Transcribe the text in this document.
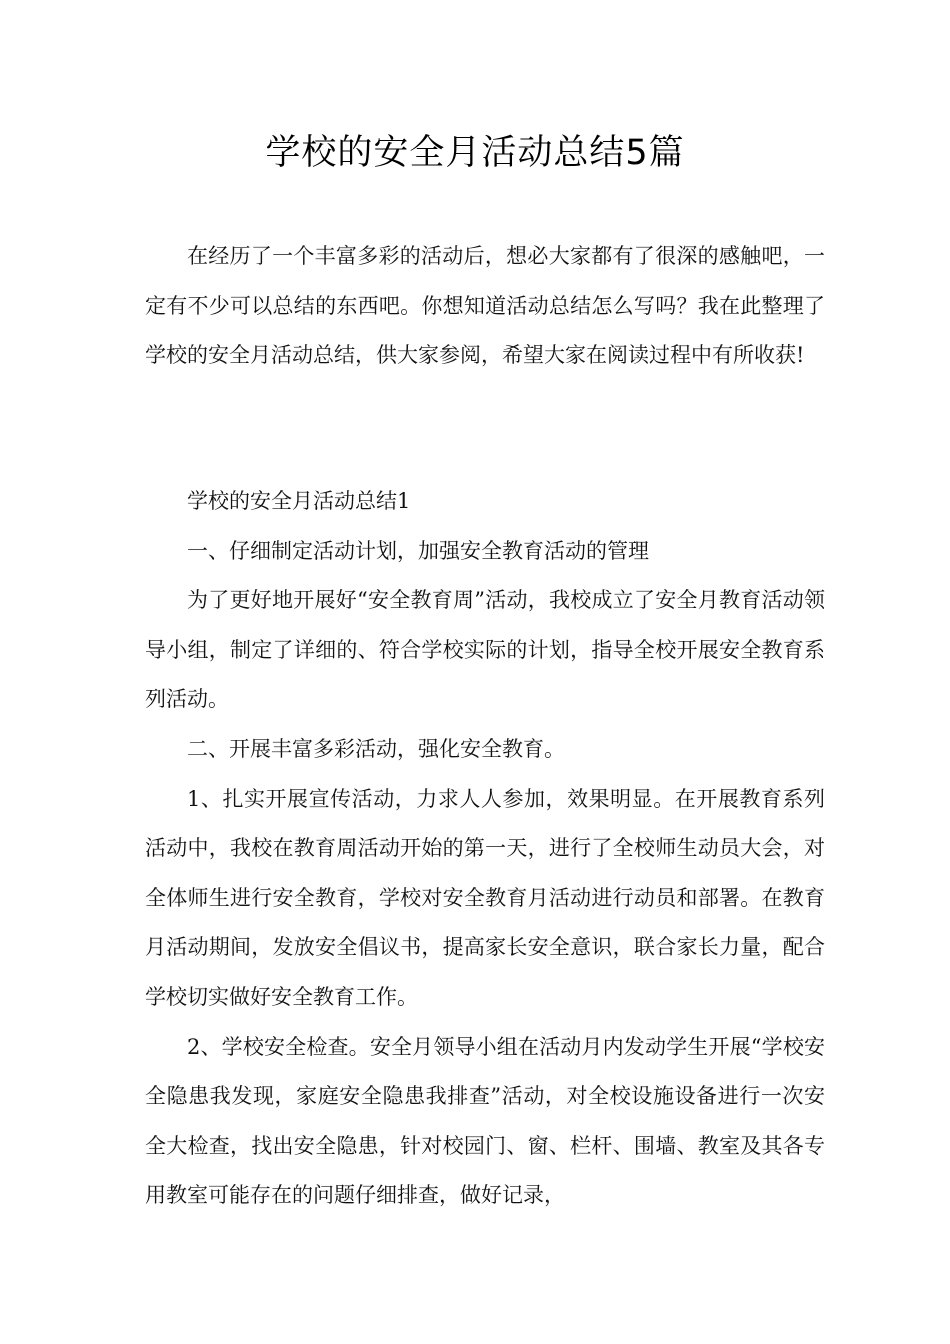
学校的安全月活动总结5篇

在经历了一个丰富多彩的活动后，想必大家都有了很深的感触吧，一定有不少可以总结的东西吧。你想知道活动总结怎么写吗？我在此整理了学校的安全月活动总结，供大家参阅，希望大家在阅读过程中有所收获!

学校的安全月活动总结1

一、仔细制定活动计划，加强安全教育活动的管理

为了更好地开展好“安全教育周”活动，我校成立了安全月教育活动领导小组，制定了详细的、符合学校实际的计划，指导全校开展安全教育系列活动。

二、开展丰富多彩活动，强化安全教育。

1、扎实开展宣传活动，力求人人参加，效果明显。在开展教育系列活动中，我校在教育周活动开始的第一天，进行了全校师生动员大会，对全体师生进行安全教育，学校对安全教育月活动进行动员和部署。在教育月活动期间，发放安全倡议书，提高家长安全意识，联合家长力量，配合学校切实做好安全教育工作。

2、学校安全检查。安全月领导小组在活动月内发动学生开展“学校安全隐患我发现，家庭安全隐患我排查”活动，对全校设施设备进行一次安全大检查，找出安全隐患，针对校园门、窗、栏杆、围墙、教室及其各专用教室可能存在的问题仔细排查，做好记录，
